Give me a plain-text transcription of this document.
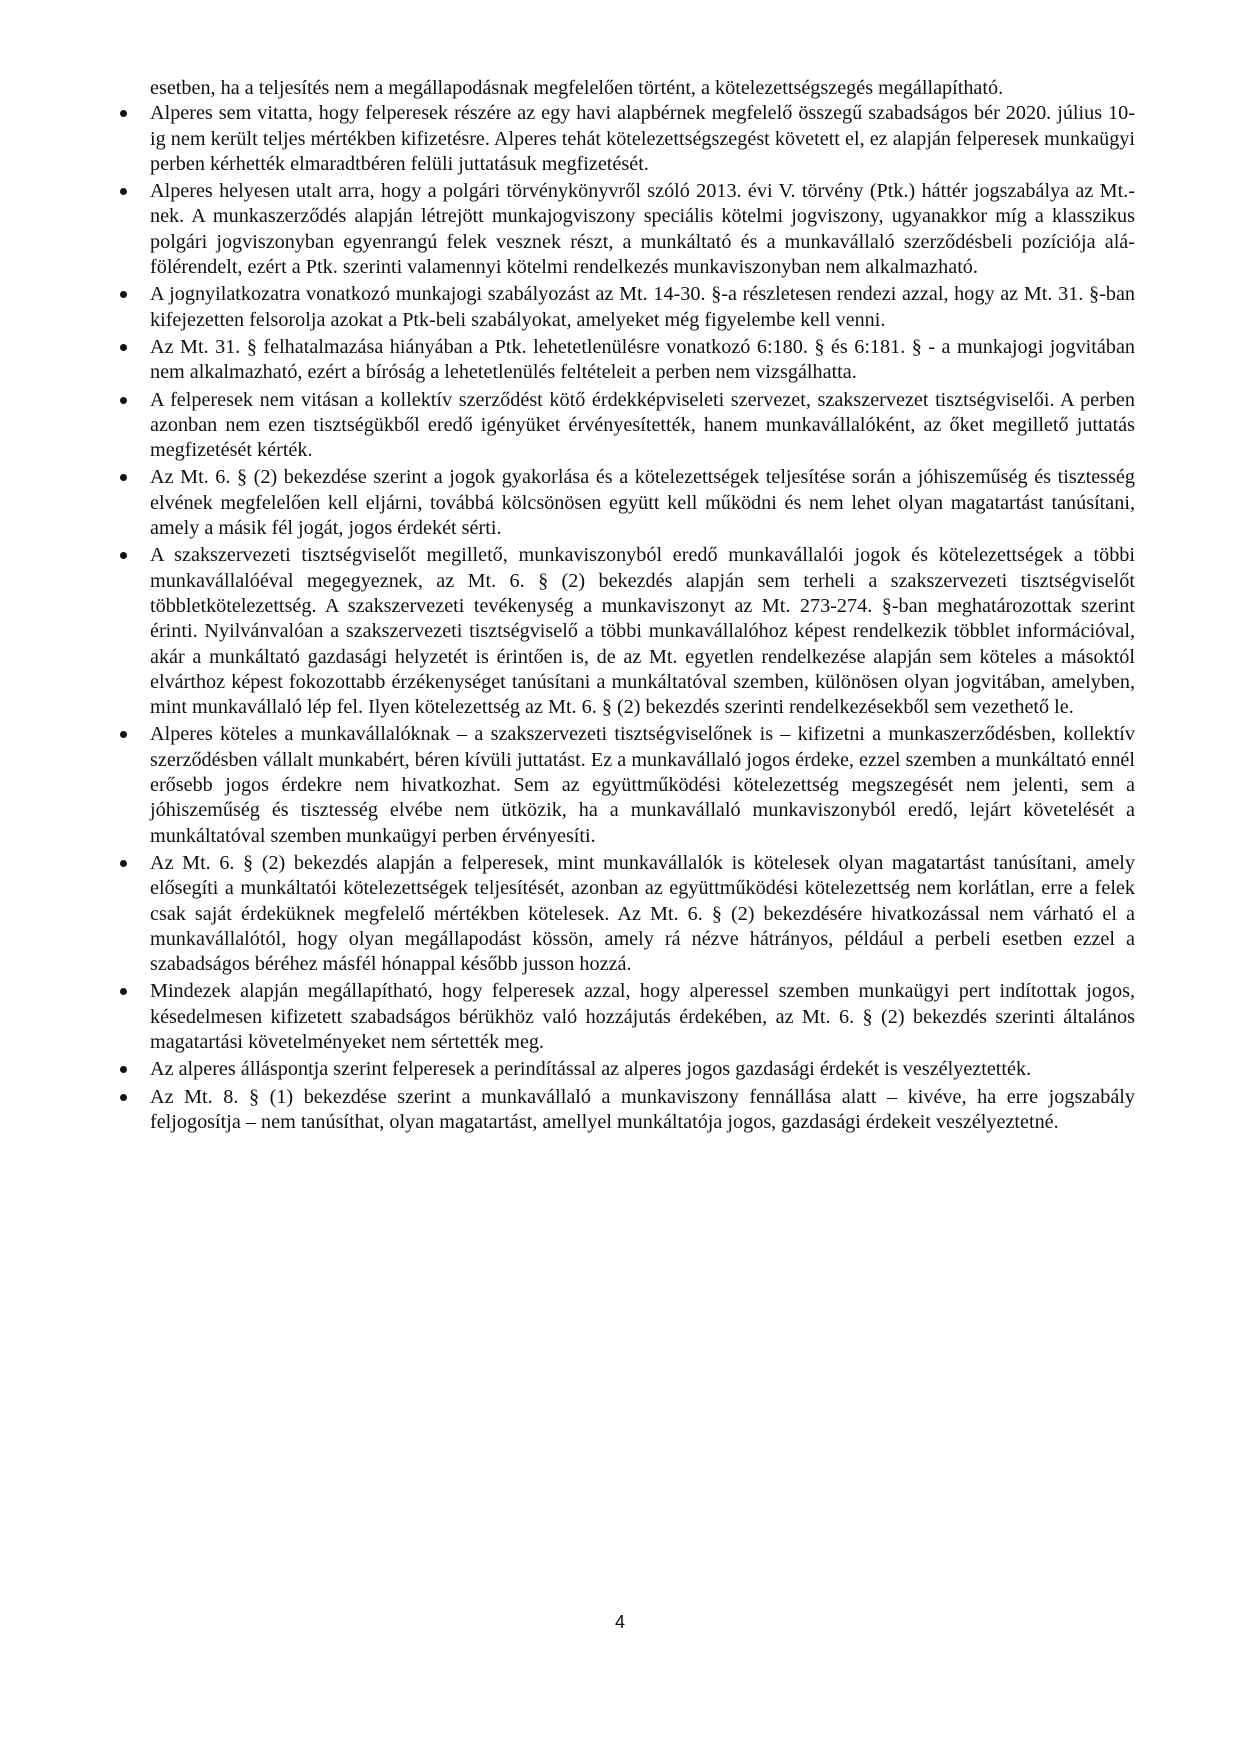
esetben, ha a teljesítés nem a megállapodásnak megfelelően történt, a kötelezettségszegés megállapítható.

Alperes sem vitatta, hogy felperesek részére az egy havi alapbérnek megfelelő összegű szabadságos bér 2020. július 10-ig nem került teljes mértékben kifizetésre. Alperes tehát kötelezettségszegést követett el, ez alapján felperesek munkaügyi perben kérhették elmaradtbéren felüli juttatásuk megfizetését.
Alperes helyesen utalt arra, hogy a polgári törvénykönyvről szóló 2013. évi V. törvény (Ptk.) háttér jogszabálya az Mt.-nek. A munkaszerződés alapján létrejött munkajogviszony speciális kötelmi jogviszony, ugyanakkor míg a klasszikus polgári jogviszonyban egyenrangú felek vesznek részt, a munkáltató és a munkavállaló szerződésbeli pozíciója alá-fölérendelt, ezért a Ptk. szerinti valamennyi kötelmi rendelkezés munkaviszonyban nem alkalmazható.
A jognyilatkozatra vonatkozó munkajogi szabályozást az Mt. 14-30. §-a részletesen rendezi azzal, hogy az Mt. 31. §-ban kifejezetten felsorolja azokat a Ptk-beli szabályokat, amelyeket még figyelembe kell venni.
Az Mt. 31. § felhatalmazása hiányában a Ptk. lehetetlenülésre vonatkozó 6:180. § és 6:181. § - a munkajogi jogvitában nem alkalmazható, ezért a bíróság a lehetetlenülés feltételeit a perben nem vizsgálhatta.
A felperesek nem vitásan a kollektív szerződést kötő érdekképviseleti szervezet, szakszervezet tisztségviselői. A perben azonban nem ezen tisztségükből eredő igényüket érvényesítették, hanem munkavállalóként, az őket megillető juttatás megfizetését kérték.
Az Mt. 6. § (2) bekezdése szerint a jogok gyakorlása és a kötelezettségek teljesítése során a jóhiszeműség és tisztesség elvének megfelelően kell eljárni, továbbá kölcsönösen együtt kell működni és nem lehet olyan magatartást tanúsítani, amely a másik fél jogát, jogos érdekét sérti.
A szakszervezeti tisztségviselőt megillető, munkaviszonyból eredő munkavállalói jogok és kötelezettségek a többi munkavállalóéval megegyeznek, az Mt. 6. § (2) bekezdés alapján sem terheli a szakszervezeti tisztségviselőt többletkötelezettség. A szakszervezeti tevékenység a munkaviszonyt az Mt. 273-274. §-ban meghatározottak szerint érinti. Nyilvánvalóan a szakszervezeti tisztségviselő a többi munkavállalóhoz képest rendelkezik többlet információval, akár a munkáltató gazdasági helyzetét is érintően is, de az Mt. egyetlen rendelkezése alapján sem köteles a másoktól elvárthoz képest fokozottabb érzékenységet tanúsítani a munkáltatóval szemben, különösen olyan jogvitában, amelyben, mint munkavállaló lép fel. Ilyen kötelezettség az Mt. 6. § (2) bekezdés szerinti rendelkezésekből sem vezethető le.
Alperes köteles a munkavállalóknak – a szakszervezeti tisztségviselőnek is – kifizetni a munkaszerződésben, kollektív szerződésben vállalt munkabért, béren kívüli juttatást. Ez a munkavállaló jogos érdeke, ezzel szemben a munkáltató ennél erősebb jogos érdekre nem hivatkozhat. Sem az együttműködési kötelezettség megszegését nem jelenti, sem a jóhiszeműség és tisztesség elvébe nem ütközik, ha a munkavállaló munkaviszonyból eredő, lejárt követelését a munkáltatóval szemben munkaügyi perben érvényesíti.
Az Mt. 6. § (2) bekezdés alapján a felperesek, mint munkavállalók is kötelesek olyan magatartást tanúsítani, amely elősegíti a munkáltatói kötelezettségek teljesítését, azonban az együttműködési kötelezettség nem korlátlan, erre a felek csak saját érdeküknek megfelelő mértékben kötelesek. Az Mt. 6. § (2) bekezdésére hivatkozással nem várható el a munkavállalótól, hogy olyan megállapodást kössön, amely rá nézve hátrányos, például a perbeli esetben ezzel a szabadságos béréhez másfél hónappal később jusson hozzá.
Mindezek alapján megállapítható, hogy felperesek azzal, hogy alperessel szemben munkaügyi pert indítottak jogos, késedelmesen kifizetett szabadságos bérükhöz való hozzájutás érdekében, az Mt. 6. § (2) bekezdés szerinti általános magatartási követelményeket nem sértették meg.
Az alperes álláspontja szerint felperesek a perindítással az alperes jogos gazdasági érdekét is veszélyeztették.
Az Mt. 8. § (1) bekezdése szerint a munkavállaló a munkaviszony fennállása alatt – kivéve, ha erre jogszabály feljogosítja – nem tanúsíthat, olyan magatartást, amellyel munkáltatója jogos, gazdasági érdekeit veszélyeztetné.
4
